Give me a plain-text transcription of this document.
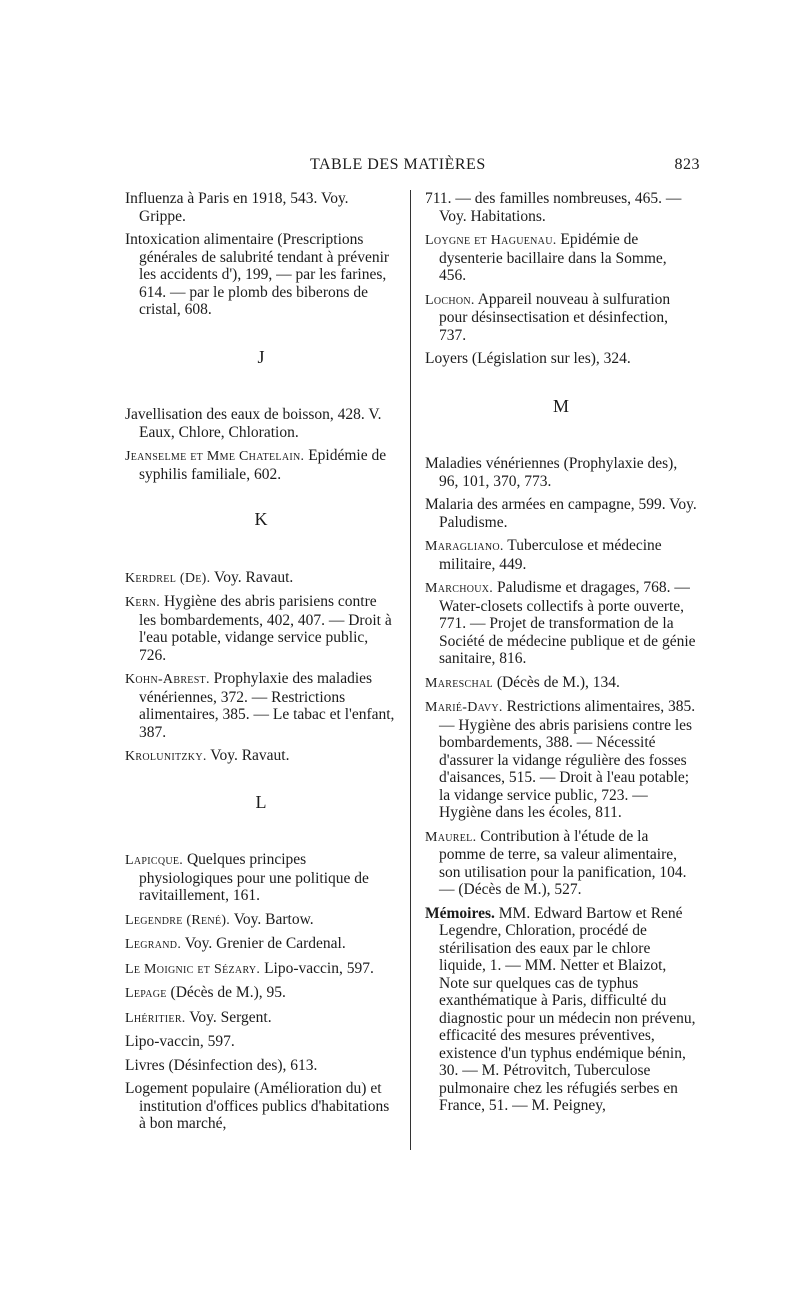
TABLE DES MATIÈRES	823
Influenza à Paris en 1918, 543. Voy. Grippe.
Intoxication alimentaire (Prescriptions générales de salubrité tendant à prévenir les accidents d'), 199, — par les farines, 614. — par le plomb des biberons de cristal, 608.
J
Javellisation des eaux de boisson, 428. V. Eaux, Chlore, Chloration.
Jeanselme et Mme Chatelain. Epidémie de syphilis familiale, 602.
K
Kerdrel (De). Voy. Ravaut.
Kern. Hygiène des abris parisiens contre les bombardements, 402, 407. — Droit à l'eau potable, vidange service public, 726.
Kohn-Abrest. Prophylaxie des maladies vénériennes, 372. — Restrictions alimentaires, 385. — Le tabac et l'enfant, 387.
Krolunitzky. Voy. Ravaut.
L
Lapicque. Quelques principes physiologiques pour une politique de ravitaillement, 161.
Legendre (René). Voy. Bartow.
Legrand. Voy. Grenier de Cardenal.
Le Moignic et Sézary. Lipo-vaccin, 597.
Lepage (Décès de M.), 95.
Lhéritier. Voy. Sergent.
Lipo-vaccin, 597.
Livres (Désinfection des), 613.
Logement populaire (Amélioration du) et institution d'offices publics d'habitations à bon marché,
711. — des familles nombreuses, 465. — Voy. Habitations.
Loygne et Haguenau. Epidémie de dysenterie bacillaire dans la Somme, 456.
Lochon. Appareil nouveau à sulfuration pour désinsectisation et désinfection, 737.
Loyers (Législation sur les), 324.
M
Maladies vénériennes (Prophylaxie des), 96, 101, 370, 773.
Malaria des armées en campagne, 599. Voy. Paludisme.
Maragliano. Tuberculose et médecine militaire, 449.
Marchoux. Paludisme et dragages, 768. — Water-closets collectifs à porte ouverte, 771. — Projet de transformation de la Société de médecine publique et de génie sanitaire, 816.
Mareschal (Décès de M.), 134.
Marié-Davy. Restrictions alimentaires, 385. — Hygiène des abris parisiens contre les bombardements, 388. — Nécessité d'assurer la vidange régulière des fosses d'aisances, 515. — Droit à l'eau potable; la vidange service public, 723. — Hygiène dans les écoles, 811.
Maurel. Contribution à l'étude de la pomme de terre, sa valeur alimentaire, son utilisation pour la panification, 104. — (Décès de M.), 527.
Mémoires. MM. Edward Bartow et René Legendre, Chloration, procédé de stérilisation des eaux par le chlore liquide, 1. — MM. Netter et Blaizot, Note sur quelques cas de typhus exanthématique à Paris, difficulté du diagnostic pour un médecin non prévenu, efficacité des mesures préventives, existence d'un typhus endémique bénin, 30. — M. Pétrovitch, Tuberculose pulmonaire chez les réfugiés serbes en France, 51. — M. Peigney,
